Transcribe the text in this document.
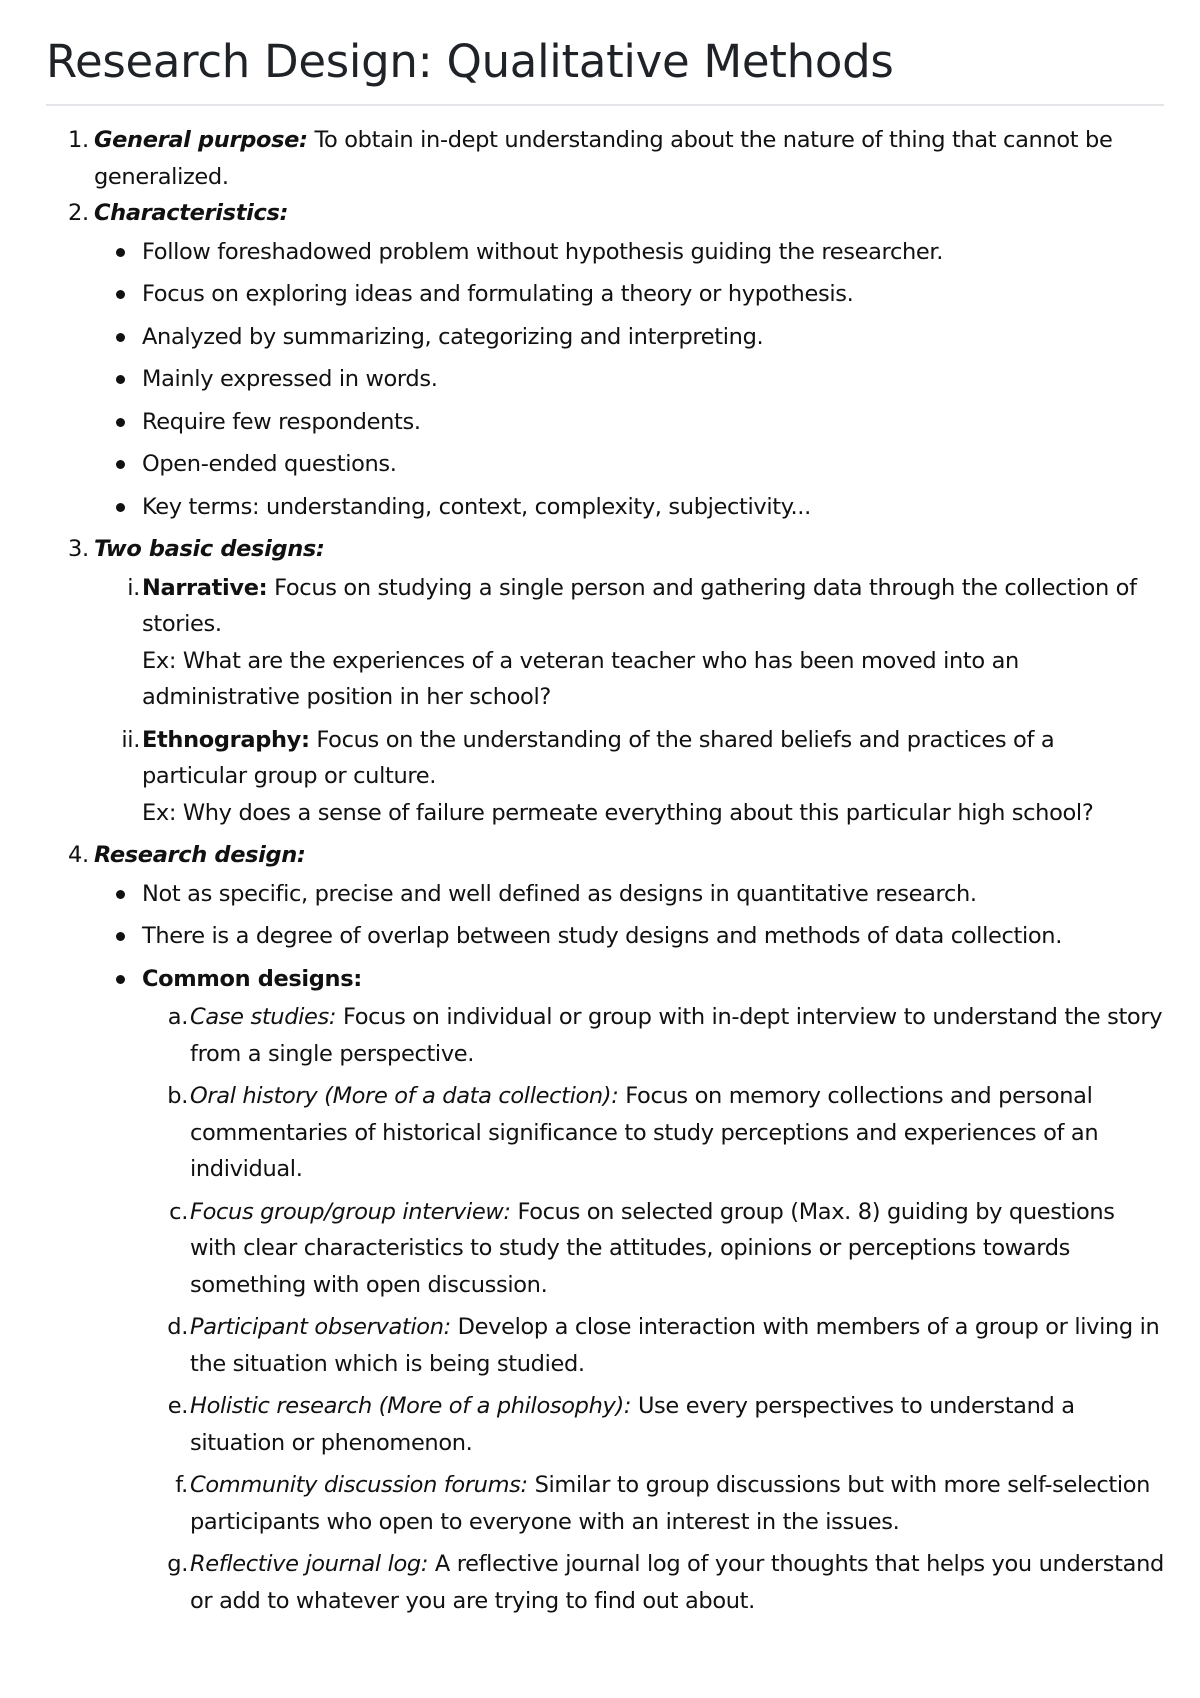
Research Design: Qualitative Methods
1. General purpose: To obtain in-dept understanding about the nature of thing that cannot be generalized.
2. Characteristics:
Follow foreshadowed problem without hypothesis guiding the researcher.
Focus on exploring ideas and formulating a theory or hypothesis.
Analyzed by summarizing, categorizing and interpreting.
Mainly expressed in words.
Require few respondents.
Open-ended questions.
Key terms: understanding, context, complexity, subjectivity...
3. Two basic designs:
i. Narrative: Focus on studying a single person and gathering data through the collection of stories.
Ex: What are the experiences of a veteran teacher who has been moved into an administrative position in her school?
ii. Ethnography: Focus on the understanding of the shared beliefs and practices of a particular group or culture.
Ex: Why does a sense of failure permeate everything about this particular high school?
4. Research design:
Not as specific, precise and well defined as designs in quantitative research.
There is a degree of overlap between study designs and methods of data collection.
Common designs:
a. Case studies: Focus on individual or group with in-dept interview to understand the story from a single perspective.
b. Oral history (More of a data collection): Focus on memory collections and personal commentaries of historical significance to study perceptions and experiences of an individual.
c. Focus group/group interview: Focus on selected group (Max. 8) guiding by questions with clear characteristics to study the attitudes, opinions or perceptions towards something with open discussion.
d. Participant observation: Develop a close interaction with members of a group or living in the situation which is being studied.
e. Holistic research (More of a philosophy): Use every perspectives to understand a situation or phenomenon.
f. Community discussion forums: Similar to group discussions but with more self-selection participants who open to everyone with an interest in the issues.
g. Reflective journal log: A reflective journal log of your thoughts that helps you understand or add to whatever you are trying to find out about.
